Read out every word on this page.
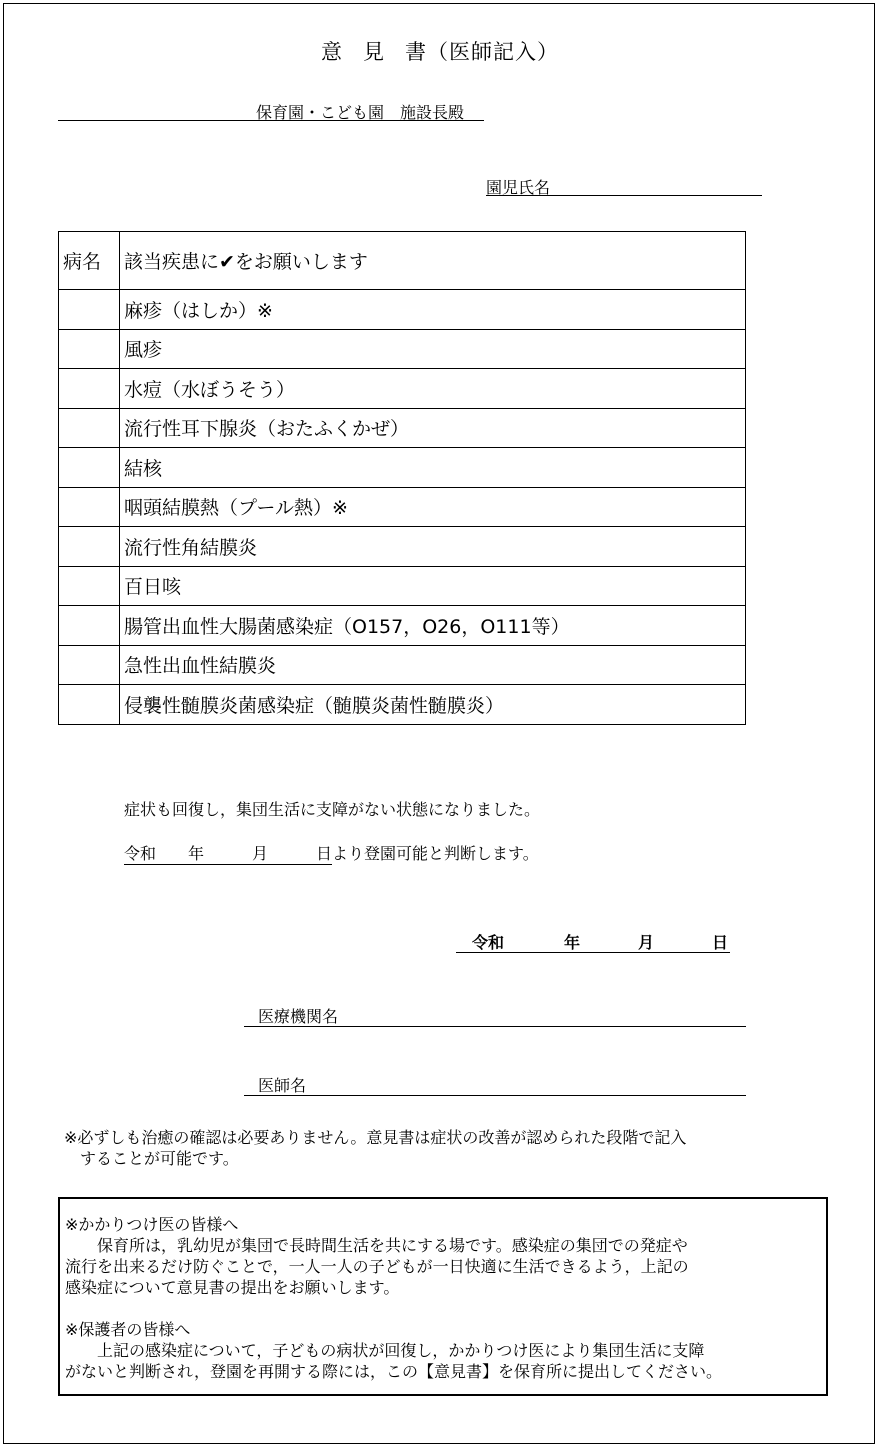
意 見 書（医師記入）
保育園・こども園　施設長殿
園児氏名
病名	該当疾患に✔をお願いします
	麻疹（はしか）※
	風疹
	水痘（水ぼうそう）
	流行性耳下腺炎（おたふくかぜ）
	結核
	咽頭結膜熱（プール熱）※
	流行性角結膜炎
	百日咳
	腸管出血性大腸菌感染症（O157，O26，O111等）
	急性出血性結膜炎
	侵襲性髄膜炎菌感染症（髄膜炎菌性髄膜炎）
症状も回復し，集団生活に支障がない状態になりました。
令和　　年　　　月　　　日より登園可能と判断します。
令和	年	月	日
医療機関名
医師名
※必ずしも治癒の確認は必要ありません。意見書は症状の改善が認められた段階で記入
　することが可能です。
※かかりつけ医の皆様へ
　　保育所は，乳幼児が集団で長時間生活を共にする場です。感染症の集団での発症や
流行を出来るだけ防ぐことで，一人一人の子どもが一日快適に生活できるよう，上記の
感染症について意見書の提出をお願いします。
※保護者の皆様へ
　　上記の感染症について，子どもの病状が回復し，かかりつけ医により集団生活に支障
がないと判断され，登園を再開する際には，この【意見書】を保育所に提出してください。
